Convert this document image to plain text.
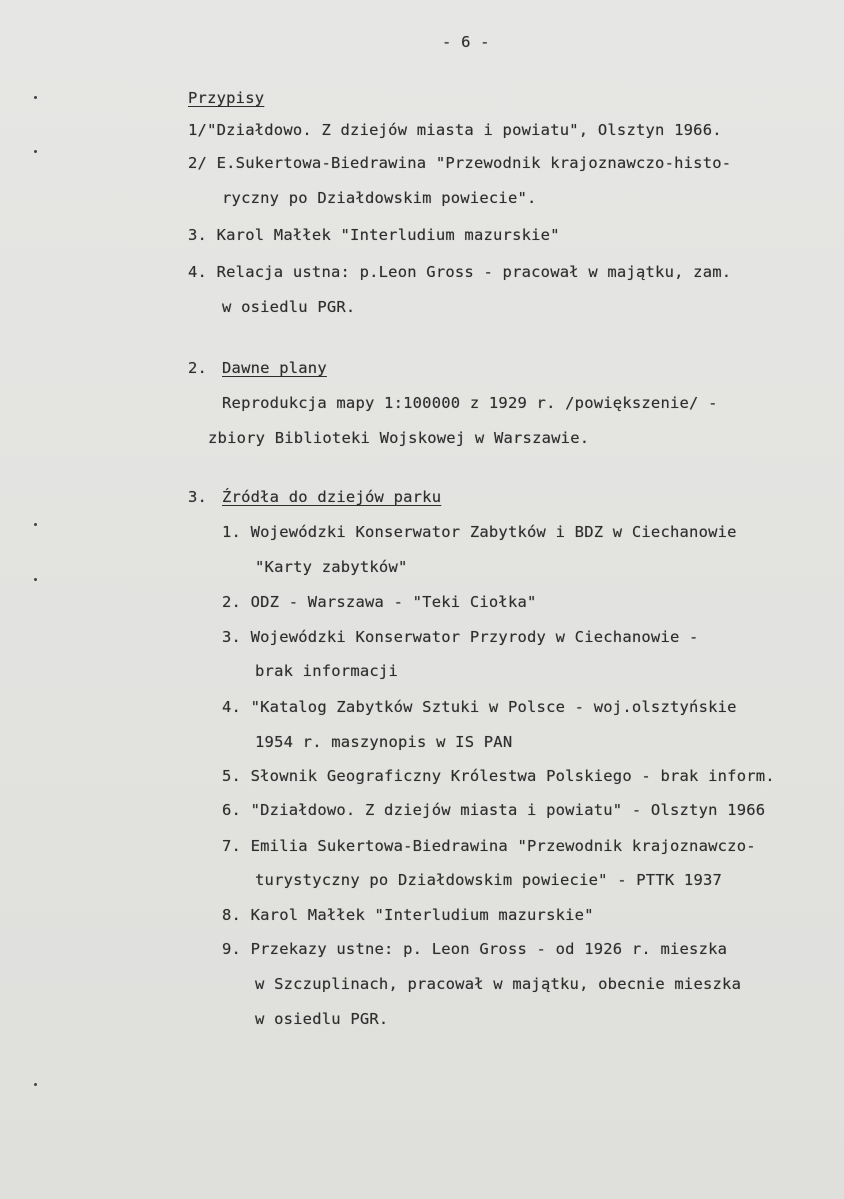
- 6 -
Przypisy
1/"Działdowo. Z dziejów miasta i powiatu", Olsztyn 1966.
2/ E.Sukertowa-Biedrawina "Przewodnik krajoznawczo-histo-
ryczny po Działdowskim powiecie".
3. Karol Małłek "Interludium mazurskie"
4. Relacja ustna: p.Leon Gross - pracował w majątku, zam.
w osiedlu PGR.
2. Dawne plany
Reprodukcja mapy 1:100000 z 1929 r. /powiększenie/ -
zbiory Biblioteki Wojskowej w Warszawie.
3. Źródła do dziejów parku
1. Wojewódzki Konserwator Zabytków i BDZ w Ciechanowie
"Karty zabytków"
2. ODZ - Warszawa - "Teki Ciołka"
3. Wojewódzki Konserwator Przyrody w Ciechanowie -
brak informacji
4. "Katalog Zabytków Sztuki w Polsce - woj.olsztyńskie
1954 r. maszynopis w IS PAN
5. Słownik Geograficzny Królestwa Polskiego - brak inform.
6. "Działdowo. Z dziejów miasta i powiatu" - Olsztyn 1966
7. Emilia Sukertowa-Biedrawina "Przewodnik krajoznawczo-
turystyczny po Działdowskim powiecie" - PTTK 1937
8. Karol Małłek "Interludium mazurskie"
9. Przekazy ustne: p. Leon Gross - od 1926 r. mieszka
w Szczuplinach, pracował w majątku, obecnie mieszka
w osiedlu PGR.
